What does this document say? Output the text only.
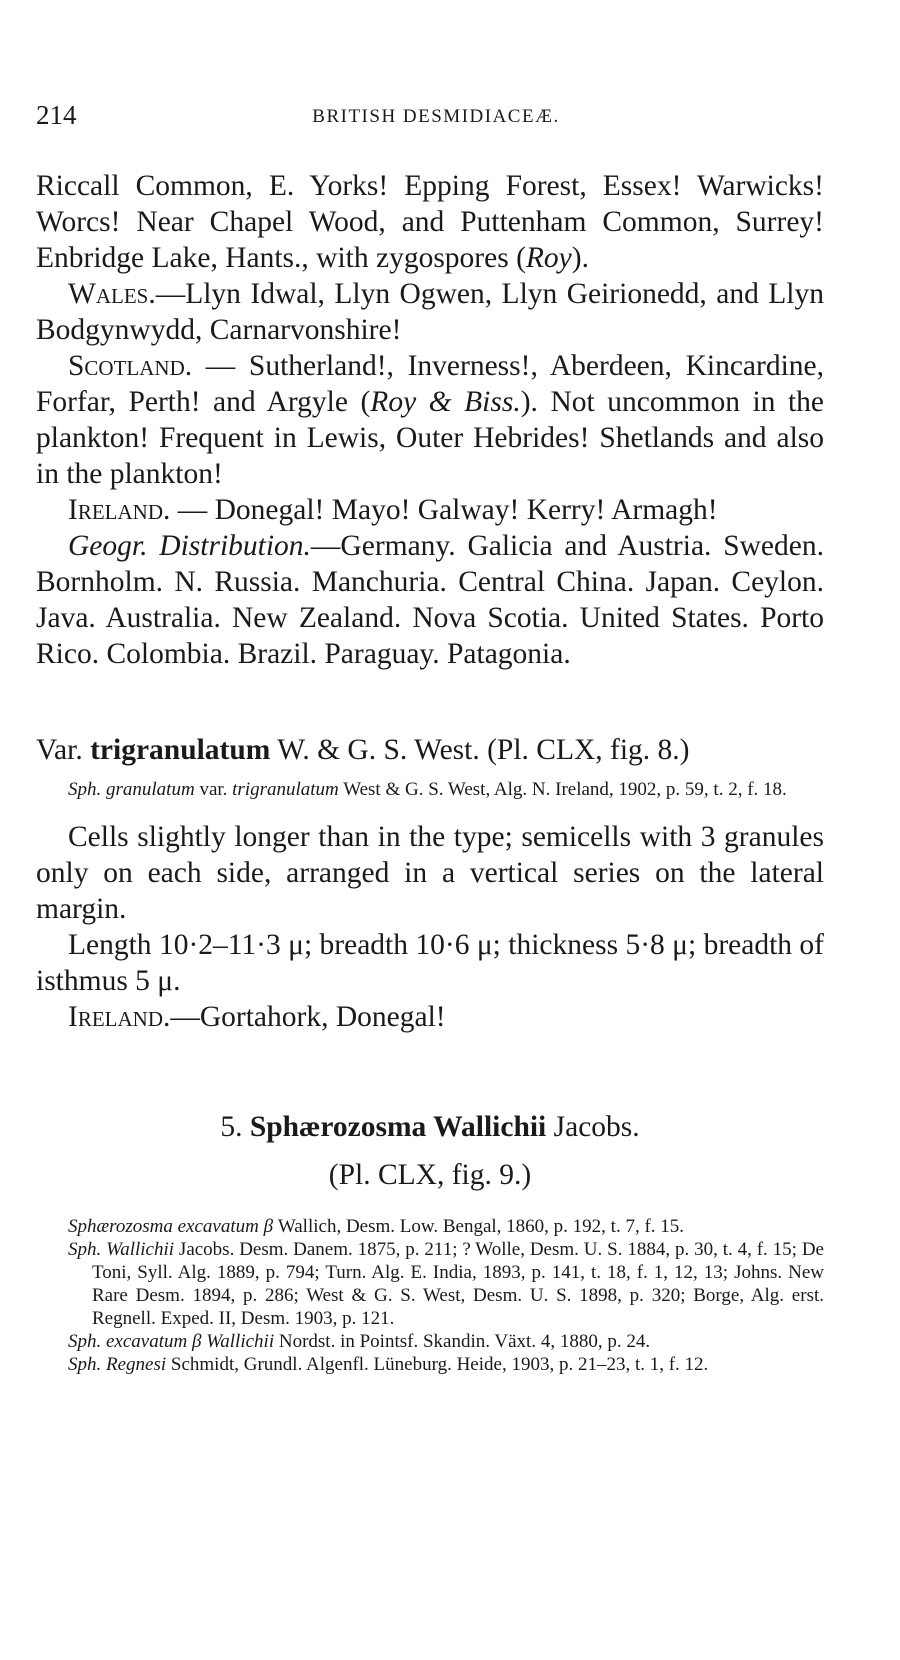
214	BRITISH DESMIDIACEÆ.

Riccall Common, E. Yorks! Epping Forest, Essex! Warwicks! Worcs! Near Chapel Wood, and Puttenham Common, Surrey! Enbridge Lake, Hants., with zygospores (Roy).

Wales.—Llyn Idwal, Llyn Ogwen, Llyn Geirionedd, and Llyn Bodgynwydd, Carnarvonshire!

Scotland. — Sutherland!, Inverness!, Aberdeen, Kincardine, Forfar, Perth! and Argyle (Roy & Biss.). Not uncommon in the plankton! Frequent in Lewis, Outer Hebrides! Shetlands and also in the plankton!

Ireland. — Donegal! Mayo! Galway! Kerry! Armagh!

Geogr. Distribution.—Germany. Galicia and Austria. Sweden. Bornholm. N. Russia. Manchuria. Central China. Japan. Ceylon. Java. Australia. New Zealand. Nova Scotia. United States. Porto Rico. Colombia. Brazil. Paraguay. Patagonia.

Var. trigranulatum W. & G. S. West. (Pl. CLX, fig. 8.)

Sph. granulatum var. trigranulatum West & G. S. West, Alg. N. Ireland, 1902, p. 59, t. 2, f. 18.

Cells slightly longer than in the type; semicells with 3 granules only on each side, arranged in a vertical series on the lateral margin.

Length 10·2–11·3 μ; breadth 10·6 μ; thickness 5·8 μ; breadth of isthmus 5 μ.

Ireland.—Gortahork, Donegal!

5. Sphærozosma Wallichii Jacobs.

(Pl. CLX, fig. 9.)

Sphærozosma excavatum β Wallich, Desm. Low. Bengal, 1860, p. 192, t. 7, f. 15.

Sph. Wallichii Jacobs. Desm. Danem. 1875, p. 211; ? Wolle, Desm. U. S. 1884, p. 30, t. 4, f. 15; De Toni, Syll. Alg. 1889, p. 794; Turn. Alg. E. India, 1893, p. 141, t. 18, f. 1, 12, 13; Johns. New Rare Desm. 1894, p. 286; West & G. S. West, Desm. U. S. 1898, p. 320; Borge, Alg. erst. Regnell. Exped. II, Desm. 1903, p. 121.

Sph. excavatum β Wallichii Nordst. in Pointsf. Skandin. Växt. 4, 1880, p. 24.

Sph. Regnesi Schmidt, Grundl. Algenfl. Lüneburg. Heide, 1903, p. 21–23, t. 1, f. 12.
